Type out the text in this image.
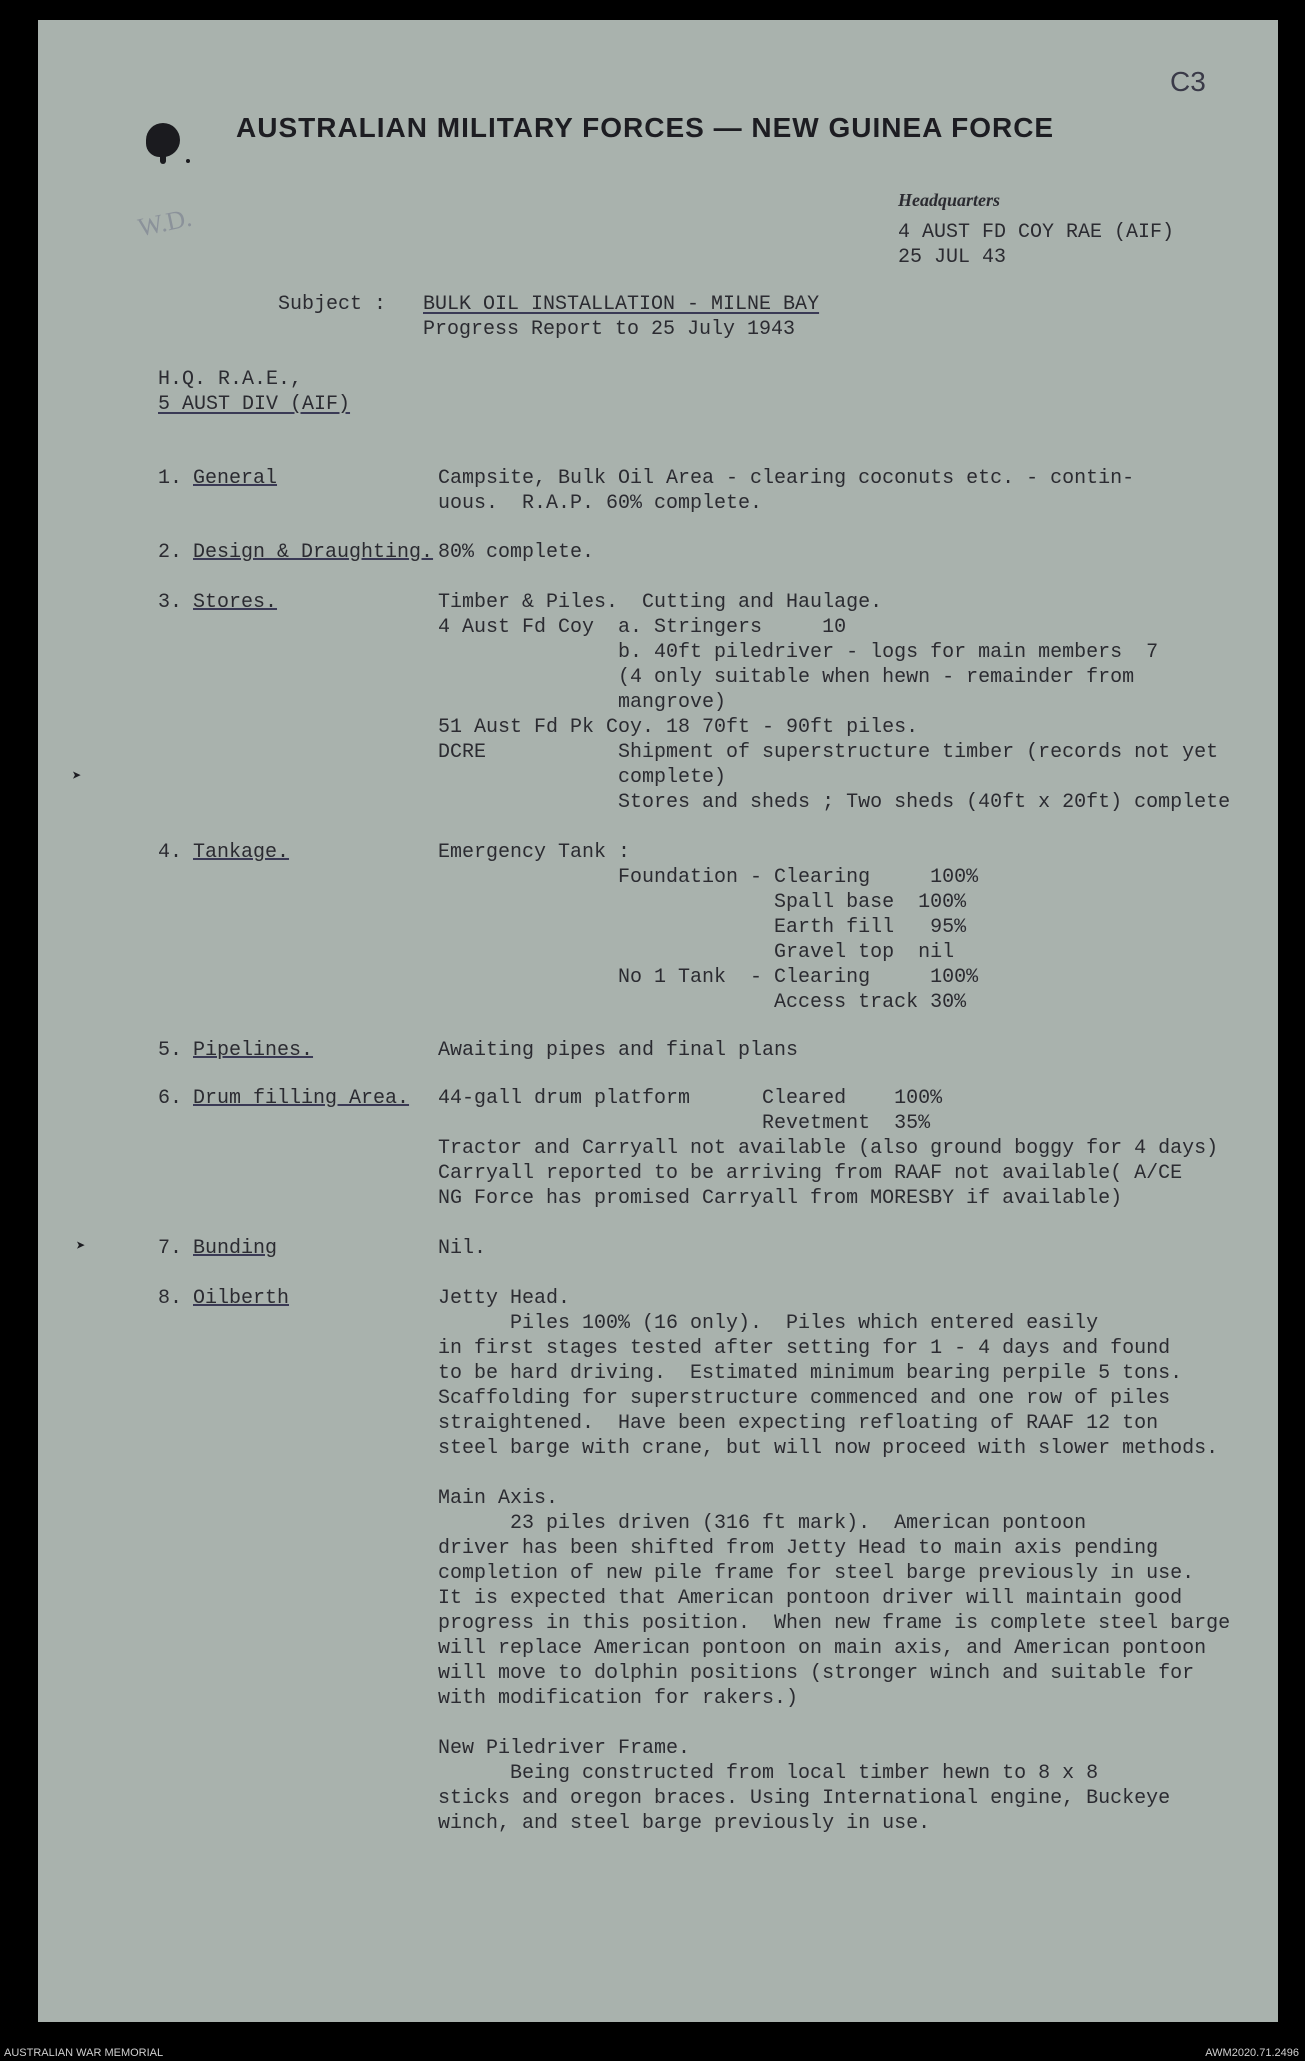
AUSTRALIAN MILITARY FORCES — NEW GUINEA FORCE
C3
W.D.
Headquarters
4 AUST FD COY RAE (AIF)
25 JUL 43
Subject : BULK OIL INSTALLATION - MILNE BAY
Progress Report to 25 July 1943
H.Q. R.A.E.,
5 AUST DIV (AIF)
1. General	Campsite, Bulk Oil Area - clearing coconuts etc. - contin-
uous.  R.A.P. 60% complete.
2. Design & Draughting. 80% complete.
3. Stores.	Timber & Piles.  Cutting and Haulage.
4 Aust Fd Coy  a. Stringers     10
b. 40ft piledriver - logs for main members  7
(4 only suitable when hewn - remainder from
mangrove)
51 Aust Fd Pk Coy. 18 70ft - 90ft piles.
DCRE           Shipment of superstructure timber (records not yet
complete)
Stores and sheds ; Two sheds (40ft x 20ft) complete
➤
4. Tankage.	Emergency Tank :
Foundation - Clearing     100%
Spall base  100%
Earth fill   95%
Gravel top  nil
No 1 Tank  - Clearing     100%
Access track 30%
5. Pipelines.	Awaiting pipes and final plans
6. Drum filling Area. 44-gall drum platform      Cleared    100%
Revetment  35%
Tractor and Carryall not available (also ground boggy for 4 days)
Carryall reported to be arriving from RAAF not available( A/CE
NG Force has promised Carryall from MORESBY if available)
7. Bunding	Nil.
➤
8. Oilberth	Jetty Head.
Piles 100% (16 only).  Piles which entered easily
in first stages tested after setting for 1 - 4 days and found
to be hard driving.  Estimated minimum bearing perpile 5 tons.
Scaffolding for superstructure commenced and one row of piles
straightened.  Have been expecting refloating of RAAF 12 ton
steel barge with crane, but will now proceed with slower methods.
Main Axis.
23 piles driven (316 ft mark).  American pontoon
driver has been shifted from Jetty Head to main axis pending
completion of new pile frame for steel barge previously in use.
It is expected that American pontoon driver will maintain good
progress in this position.  When new frame is complete steel barge
will replace American pontoon on main axis, and American pontoon
will move to dolphin positions (stronger winch and suitable for
with modification for rakers.)
New Piledriver Frame.
Being constructed from local timber hewn to 8 x 8
sticks and oregon braces. Using International engine, Buckeye
winch, and steel barge previously in use.
AUSTRALIAN WAR MEMORIAL	AWM2020.71.2496
